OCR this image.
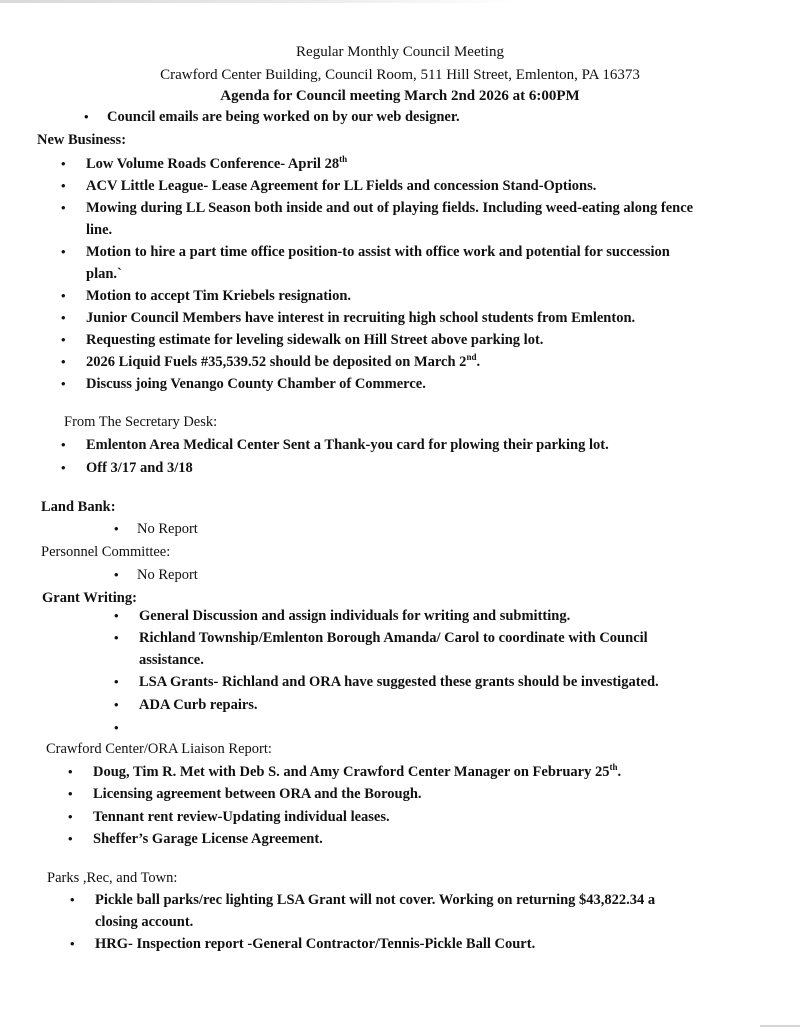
Regular Monthly Council Meeting
Crawford Center Building, Council Room, 511 Hill Street, Emlenton, PA 16373
Agenda for Council meeting March 2nd 2026 at 6:00PM
• Council emails are being worked on by our web designer.
New Business:
• Low Volume Roads Conference- April 28th
• ACV Little League- Lease Agreement for LL Fields and concession Stand-Options.
• Mowing during LL Season both inside and out of playing fields. Including weed-eating along fence
line.
• Motion to hire a part time office position-to assist with office work and potential for succession
plan.`
• Motion to accept Tim Kriebels resignation.
• Junior Council Members have interest in recruiting high school students from Emlenton.
• Requesting estimate for leveling sidewalk on Hill Street above parking lot.
• 2026 Liquid Fuels #35,539.52 should be deposited on March 2nd.
• Discuss joing Venango County Chamber of Commerce.
From The Secretary Desk:
• Emlenton Area Medical Center Sent a Thank-you card for plowing their parking lot.
• Off 3/17 and 3/18
Land Bank:
• No Report
Personnel Committee:
• No Report
Grant Writing:
• General Discussion and assign individuals for writing and submitting.
• Richland Township/Emlenton Borough Amanda/ Carol to coordinate with Council
assistance.
• LSA Grants- Richland and ORA have suggested these grants should be investigated.
• ADA Curb repairs.
•
Crawford Center/ORA Liaison Report:
• Doug, Tim R. Met with Deb S. and Amy Crawford Center Manager on February 25th.
• Licensing agreement between ORA and the Borough.
• Tennant rent review-Updating individual leases.
• Sheffer’s Garage License Agreement.
Parks ,Rec, and Town:
• Pickle ball parks/rec lighting LSA Grant will not cover. Working on returning $43,822.34 a
closing account.
• HRG- Inspection report -General Contractor/Tennis-Pickle Ball Court.
